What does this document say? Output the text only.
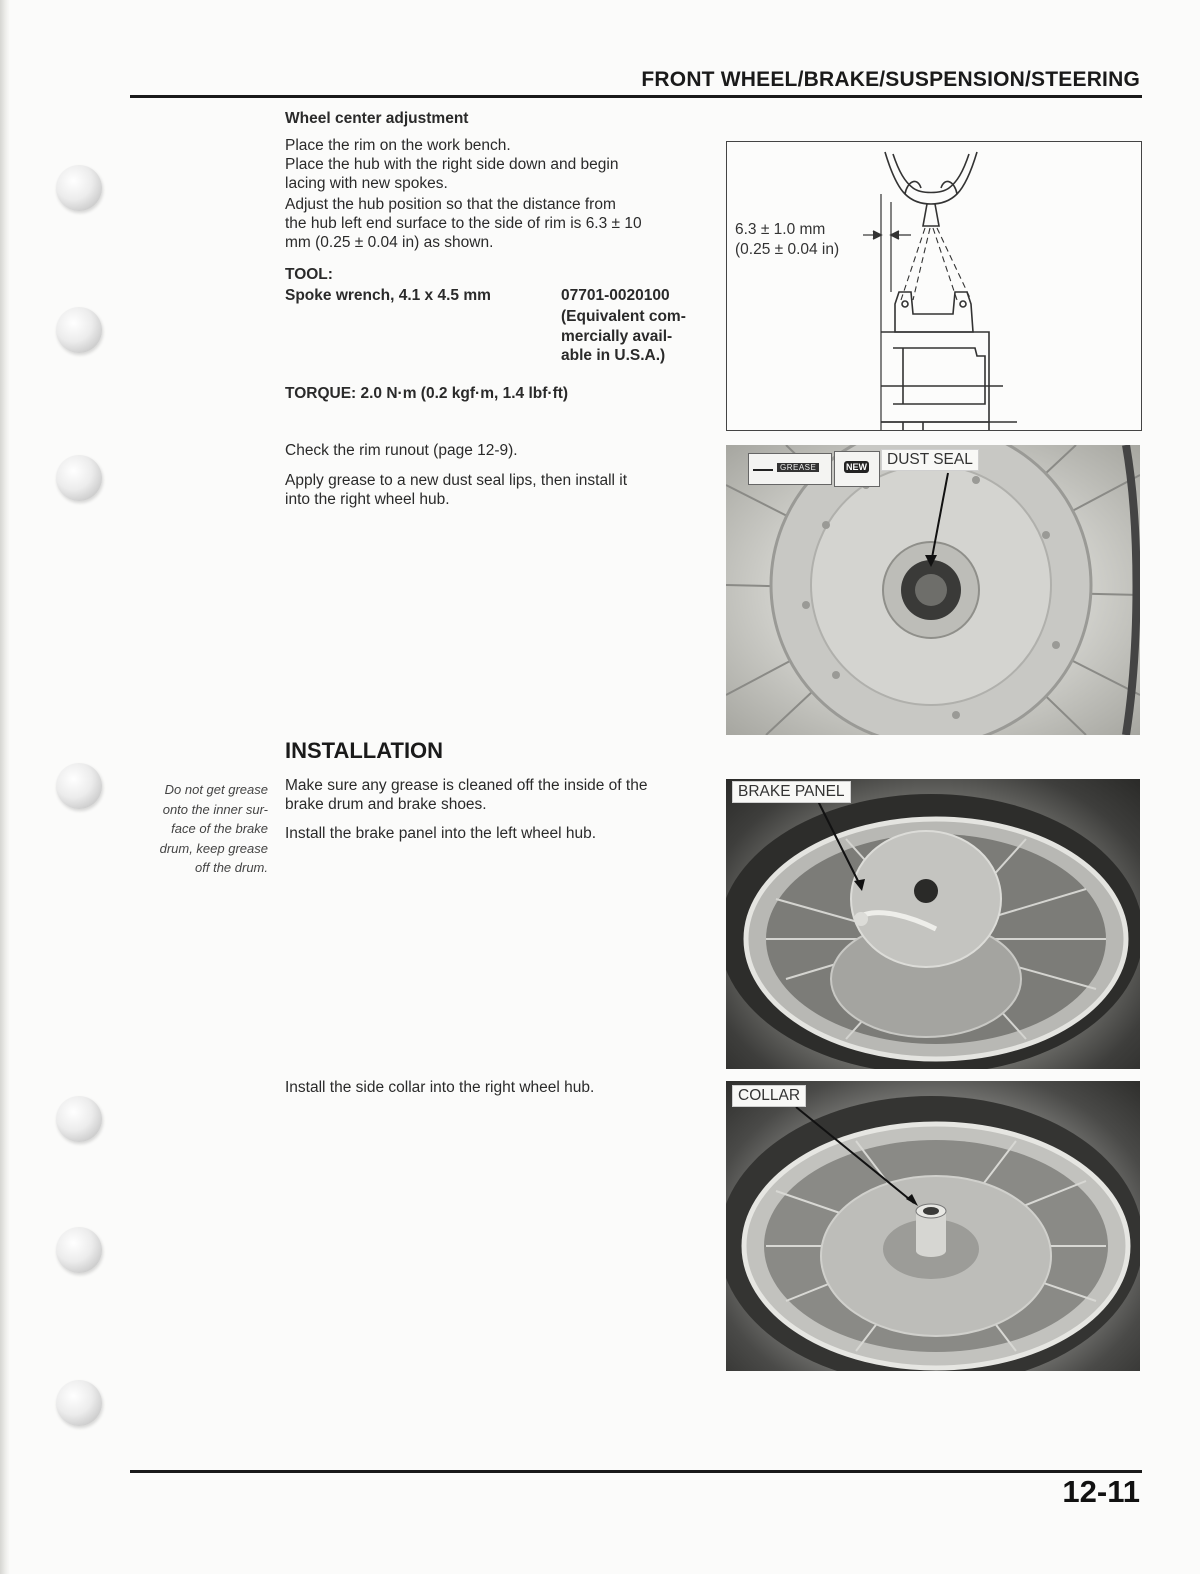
FRONT WHEEL/BRAKE/SUSPENSION/STEERING
Wheel center adjustment
Place the rim on the work bench.
Place the hub with the right side down and begin
lacing with new spokes.
Adjust the hub position so that the distance from
the hub left end surface to the side of rim is 6.3 ± 10
mm (0.25 ± 0.04 in) as shown.
TOOL:
Spoke wrench, 4.1 x 4.5 mm	07701-0020100
(Equivalent com-
mercially avail-
able in U.S.A.)
TORQUE: 2.0 N·m (0.2 kgf·m, 1.4 lbf·ft)
6.3 ± 1.0 mm
(0.25 ± 0.04 in)
Check the rim runout (page 12-9).
Apply grease to a new dust seal lips, then install it
into the right wheel hub.
GREASE	NEW	DUST SEAL
INSTALLATION
Do not get grease
onto the inner sur-
face of the brake
drum, keep grease
off the drum.
Make sure any grease is cleaned off the inside of the
brake drum and brake shoes.
Install the brake panel into the left wheel hub.
BRAKE PANEL
Install the side collar into the right wheel hub.	COLLAR
12-11
